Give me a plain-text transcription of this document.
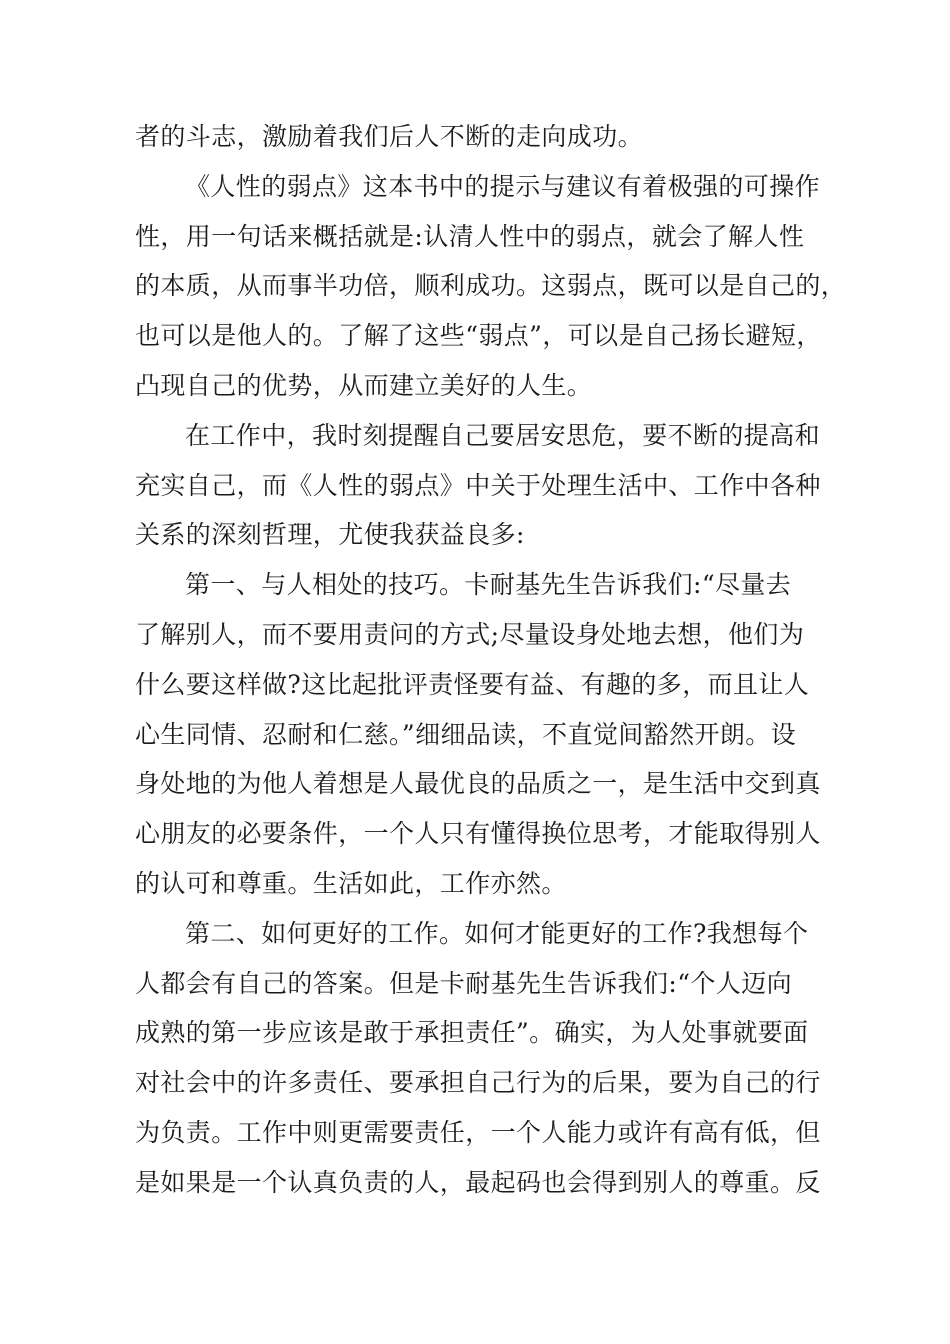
者的斗志，激励着我们后人不断的走向成功。
《人性的弱点》这本书中的提示与建议有着极强的可操作
性，用一句话来概括就是:认清人性中的弱点，就会了解人性
的本质，从而事半功倍，顺利成功。这弱点，既可以是自己的，
也可以是他人的。了解了这些“弱点”，可以是自己扬长避短，
凸现自己的优势，从而建立美好的人生。
在工作中，我时刻提醒自己要居安思危，要不断的提高和
充实自己，而《人性的弱点》中关于处理生活中、工作中各种
关系的深刻哲理，尤使我获益良多:
第一、与人相处的技巧。卡耐基先生告诉我们:“尽量去
了解别人，而不要用责问的方式;尽量设身处地去想，他们为
什么要这样做?这比起批评责怪要有益、有趣的多，而且让人
心生同情、忍耐和仁慈。”细细品读，不直觉间豁然开朗。设
身处地的为他人着想是人最优良的品质之一，是生活中交到真
心朋友的必要条件，一个人只有懂得换位思考，才能取得别人
的认可和尊重。生活如此，工作亦然。
第二、如何更好的工作。如何才能更好的工作?我想每个
人都会有自己的答案。但是卡耐基先生告诉我们:“个人迈向
成熟的第一步应该是敢于承担责任”。确实，为人处事就要面
对社会中的许多责任、要承担自己行为的后果，要为自己的行
为负责。工作中则更需要责任，一个人能力或许有高有低，但
是如果是一个认真负责的人，最起码也会得到别人的尊重。反
